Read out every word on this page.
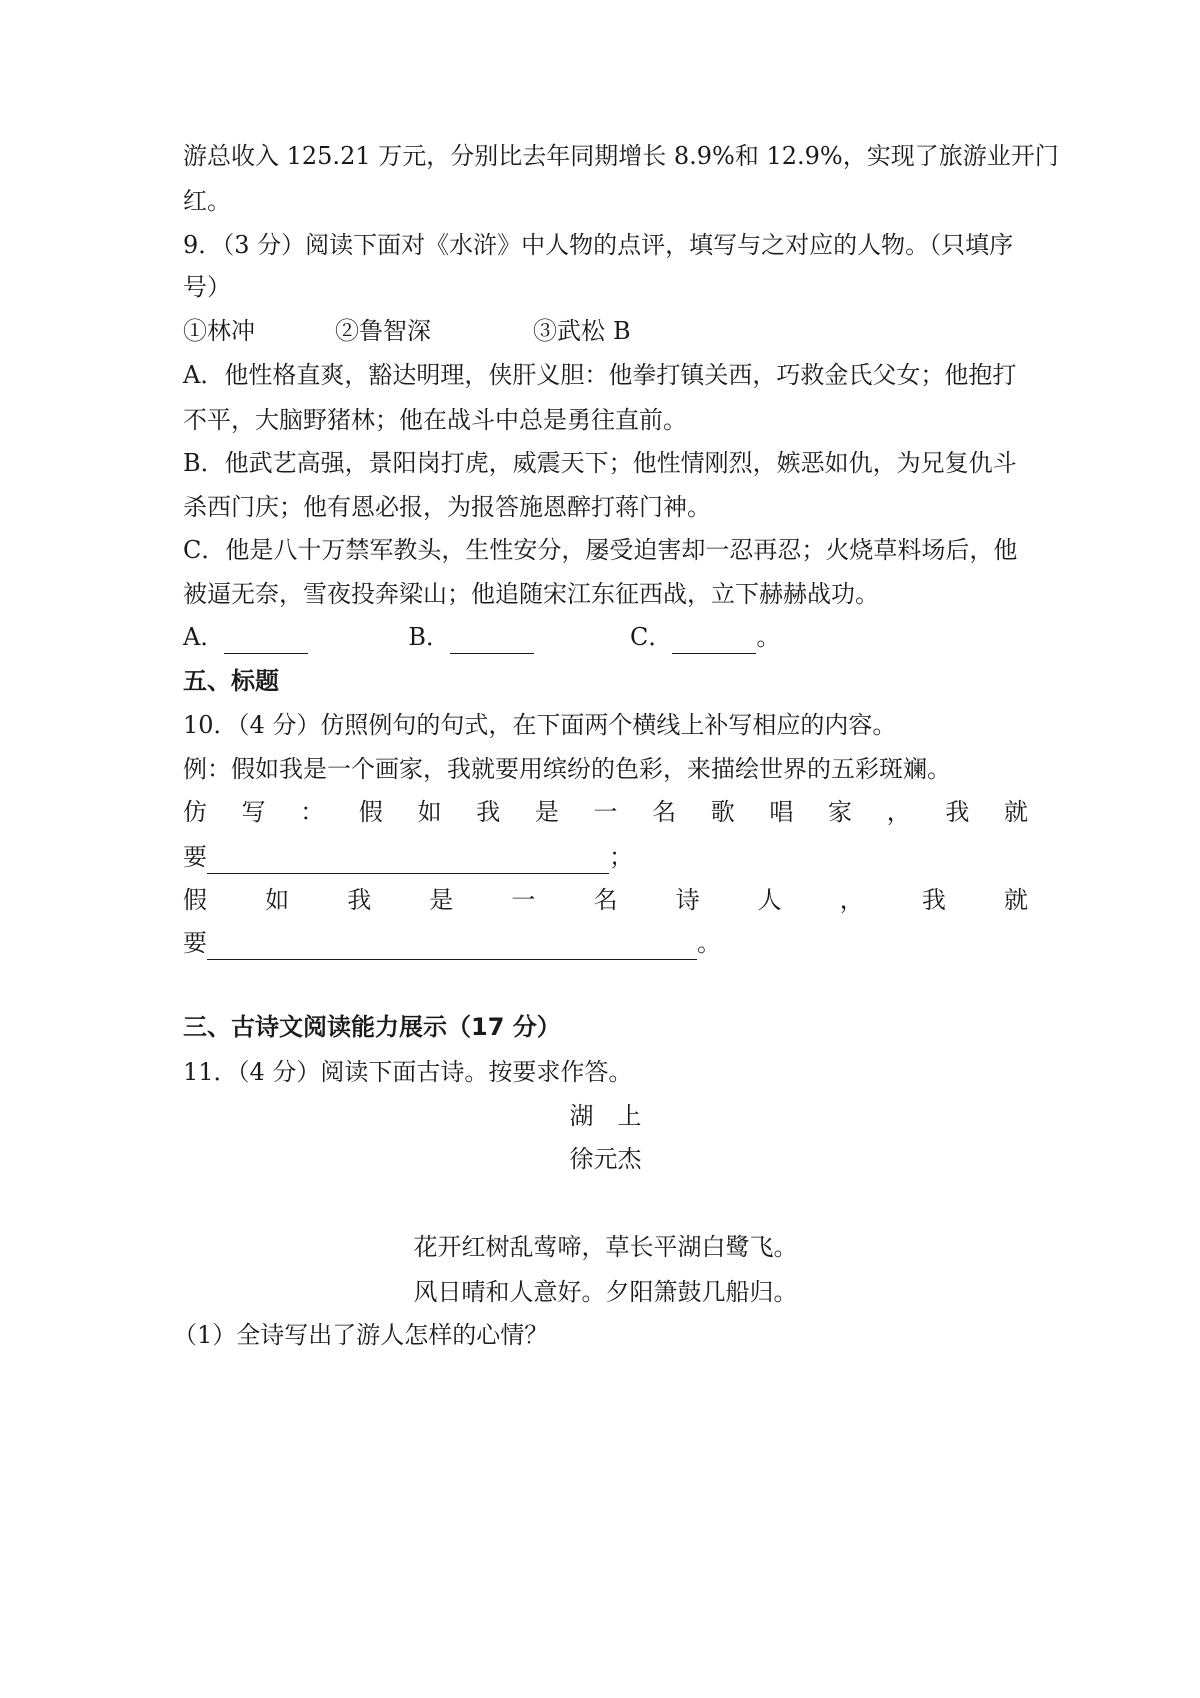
游总收入 125.21 万元，分别比去年同期增长 8.9%和 12.9%，实现了旅游业开门
红。
9．（3 分）阅读下面对《水浒》中人物的点评，填写与之对应的人物。（只填序
号）
①林冲	②鲁智深	③武松 B
A．他性格直爽，豁达明理，侠肝义胆：他拳打镇关西，巧救金氏父女；他抱打
不平，大脑野猪林；他在战斗中总是勇往直前。
B．他武艺高强，景阳岗打虎，威震天下；他性情刚烈，嫉恶如仇，为兄复仇斗
杀西门庆；他有恩必报，为报答施恩醉打蒋门神。
C．他是八十万禁军教头，生性安分，屡受迫害却一忍再忍；火烧草料场后，他
被逼无奈，雪夜投奔梁山；他追随宋江东征西战，立下赫赫战功。
A．	B．	C．	。
五、标题
10．（4 分）仿照例句的句式，在下面两个横线上补写相应的内容。
例：假如我是一个画家，我就要用缤纷的色彩，来描绘世界的五彩斑斓。
仿 写 ： 假 如 我 是 一 名 歌 唱 家 ， 我 就
要	；
假 如 我 是 一 名 诗 人 ， 我 就
要	。
三、古诗文阅读能力展示（17 分）
11．（4 分）阅读下面古诗。按要求作答。
湖　上
徐元杰
花开红树乱莺啼，草长平湖白鹭飞。
风日晴和人意好。夕阳箫鼓几船归。
（1）全诗写出了游人怎样的心情？
